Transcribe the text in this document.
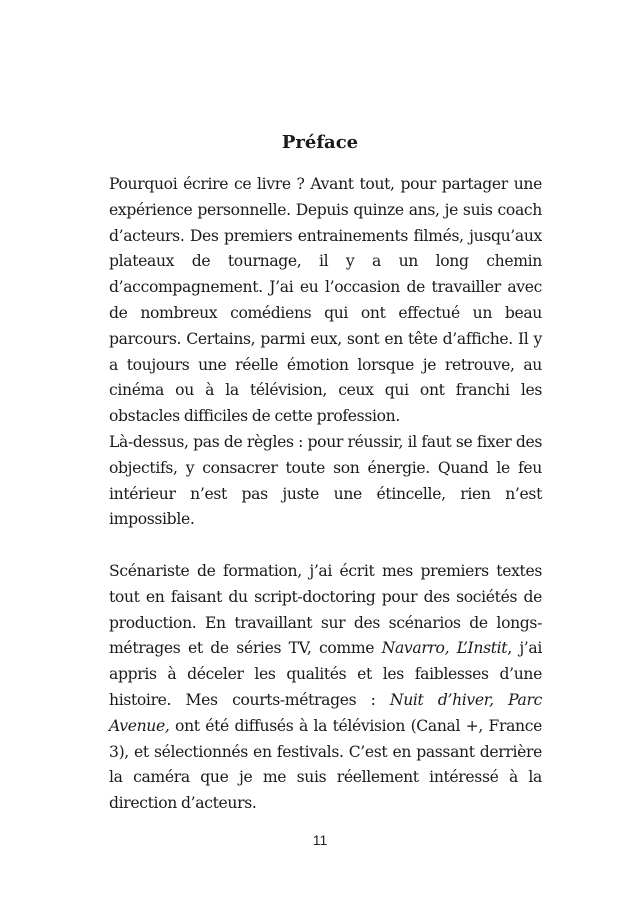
Préface

Pourquoi écrire ce livre ? Avant tout, pour partager une expérience personnelle. Depuis quinze ans, je suis coach d’acteurs. Des premiers entrainements filmés, jusqu’aux plateaux de tournage, il y a un long chemin d’accompagnement. J’ai eu l’occasion de travailler avec de nombreux comédiens qui ont effectué un beau parcours. Certains, parmi eux, sont en tête d’affiche. Il y a toujours une réelle émotion lorsque je retrouve, au cinéma ou à la télévision, ceux qui ont franchi les obstacles difficiles de cette profession.

Là-dessus, pas de règles : pour réussir, il faut se fixer des objectifs, y consacrer toute son énergie. Quand le feu intérieur n’est pas juste une étincelle, rien n’est impossible.

Scénariste de formation, j’ai écrit mes premiers textes tout en faisant du script-doctoring pour des sociétés de production. En travaillant sur des scénarios de longs-métrages et de séries TV, comme Navarro, L’Instit, j’ai appris à déceler les qualités et les faiblesses d’une histoire. Mes courts-métrages : Nuit d’hiver, Parc Avenue, ont été diffusés à la télévision (Canal +, France 3), et sélectionnés en festivals. C’est en passant derrière la caméra que je me suis réellement intéressé à la direction d’acteurs.

11
